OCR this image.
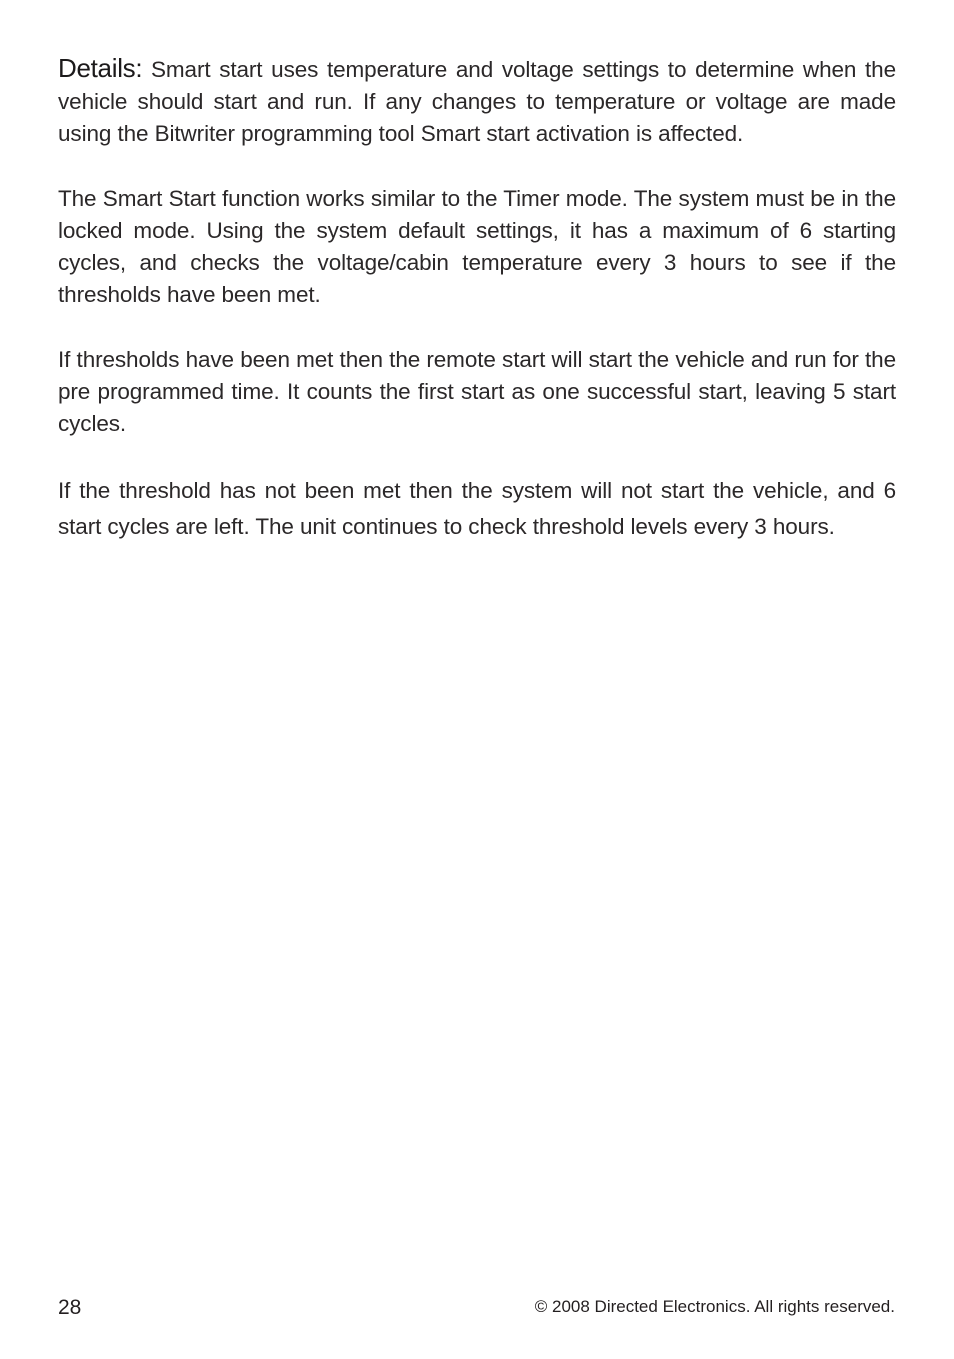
Details: Smart start uses temperature and voltage settings to determine when the vehicle should start and run. If any changes to temperature or voltage are made using the Bitwriter programming tool Smart start activation is affected.

The Smart Start function works similar to the Timer mode. The system must be in the locked mode. Using the system default settings, it has a maximum of 6 starting cycles, and checks the voltage/cabin temperature every 3 hours to see if the thresholds have been met.

If thresholds have been met then the remote start will start the vehicle and run for the pre programmed time. It counts the first start as one successful start, leaving 5 start cycles.

If the threshold has not been met then the system will not start the vehicle, and 6 start cycles are left. The unit continues to check threshold levels every 3 hours.

28	© 2008 Directed Electronics. All rights reserved.
